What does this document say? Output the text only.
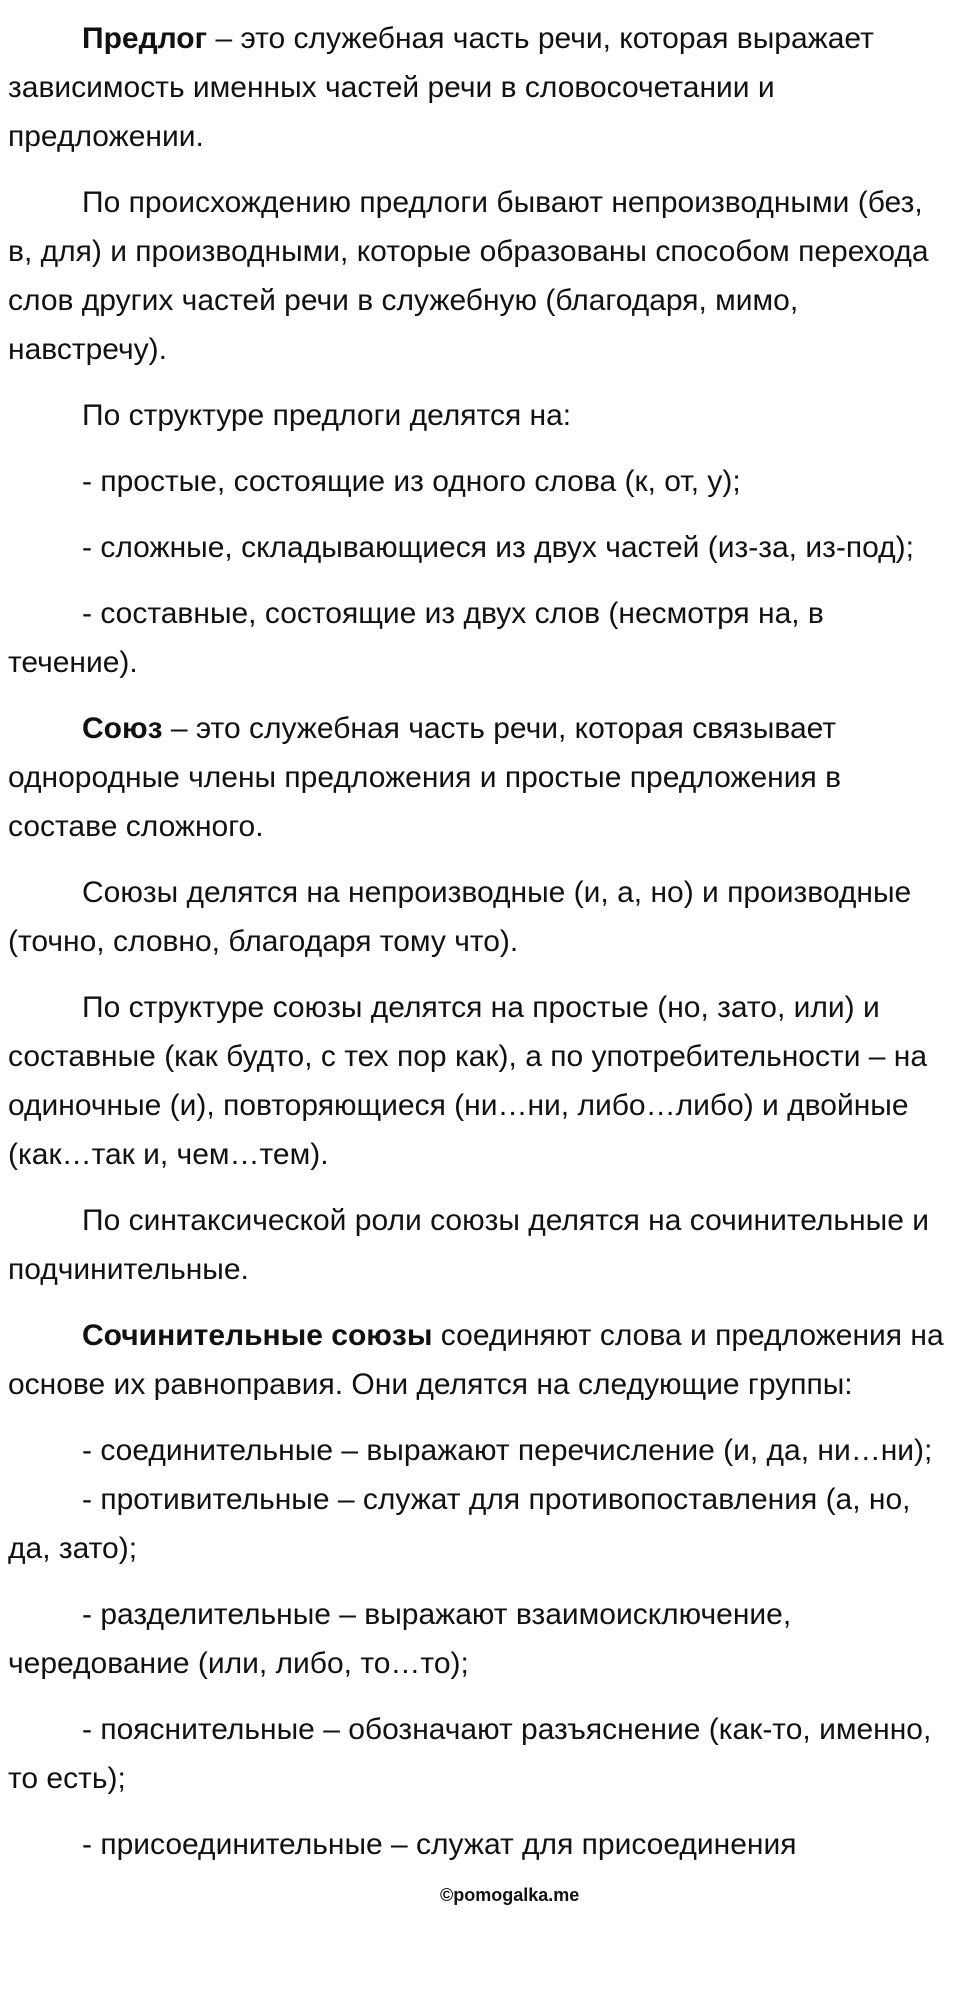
Предлог – это служебная часть речи, которая выражает зависимость именных частей речи в словосочетании и предложении.

По происхождению предлоги бывают непроизводными (без, в, для) и производными, которые образованы способом перехода слов других частей речи в служебную (благодаря, мимо, навстречу).

По структуре предлоги делятся на:

- простые, состоящие из одного слова (к, от, у);

- сложные, складывающиеся из двух частей (из-за, из-под);

- составные, состоящие из двух слов (несмотря на, в течение).

Союз – это служебная часть речи, которая связывает однородные члены предложения и простые предложения в составе сложного.

Союзы делятся на непроизводные (и, а, но) и производные (точно, словно, благодаря тому что).

По структуре союзы делятся на простые (но, зато, или) и составные (как будто, с тех пор как), а по употребительности – на одиночные (и), повторяющиеся (ни…ни, либо…либо) и двойные (как…так и, чем…тем).

По синтаксической роли союзы делятся на сочинительные и подчинительные.

Сочинительные союзы соединяют слова и предложения на основе их равноправия. Они делятся на следующие группы:

- соединительные – выражают перечисление (и, да, ни…ни);

- противительные – служат для противопоставления (а, но, да, зато);

- разделительные – выражают взаимоисключение, чередование (или, либо, то…то);

- пояснительные – обозначают разъяснение (как-то, именно, то есть);

- присоединительные – служат для присоединения

©pomogalka.me
